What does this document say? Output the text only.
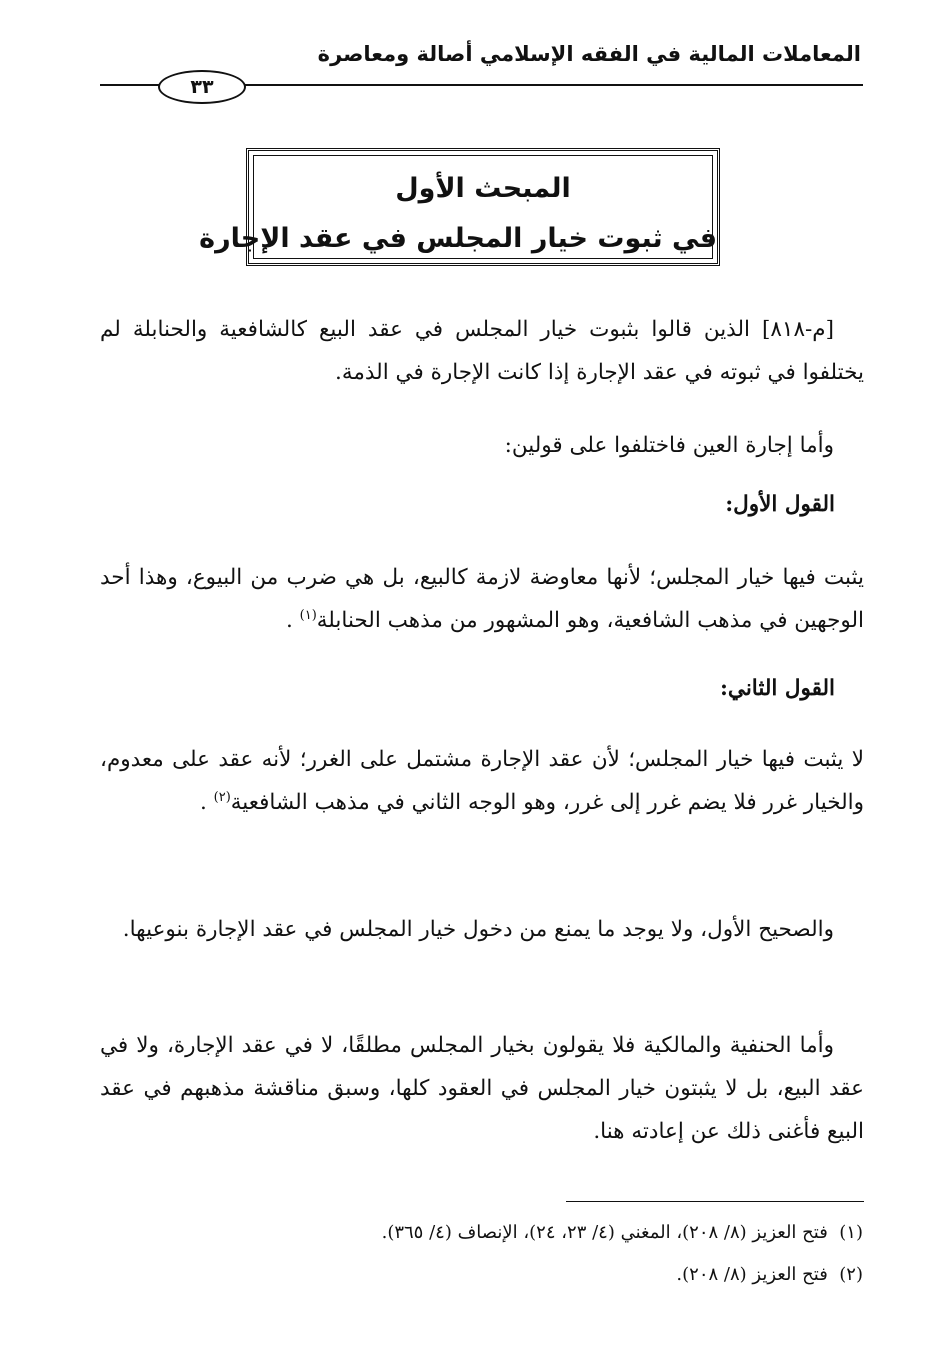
المعاملات المالية في الفقه الإسلامي أصالة ومعاصرة
٣٣
المبحث الأول
في ثبوت خيار المجلس في عقد الإجارة

[م-٨١٨] الذين قالوا بثبوت خيار المجلس في عقد البيع كالشافعية والحنابلة لم يختلفوا في ثبوته في عقد الإجارة إذا كانت الإجارة في الذمة.

وأما إجارة العين فاختلفوا على قولين:

القول الأول:

يثبت فيها خيار المجلس؛ لأنها معاوضة لازمة كالبيع، بل هي ضرب من البيوع، وهذا أحد الوجهين في مذهب الشافعية، وهو المشهور من مذهب الحنابلة$^{(١)}$ .

القول الثاني:

لا يثبت فيها خيار المجلس؛ لأن عقد الإجارة مشتمل على الغرر؛ لأنه عقد على معدوم، والخيار غرر فلا يضم غرر إلى غرر، وهو الوجه الثاني في مذهب الشافعية$^{(٢)}$ .

والصحيح الأول، ولا يوجد ما يمنع من دخول خيار المجلس في عقد الإجارة بنوعيها.

وأما الحنفية والمالكية فلا يقولون بخيار المجلس مطلقًا، لا في عقد الإجارة، ولا في عقد البيع، بل لا يثبتون خيار المجلس في العقود كلها، وسبق مناقشة مذهبهم في عقد البيع فأغنى ذلك عن إعادته هنا.

(١)  فتح العزيز (٨/ ٢٠٨)، المغني (٤/ ٢٣، ٢٤)، الإنصاف (٤/ ٣٦٥).
(٢)  فتح العزيز (٨/ ٢٠٨).
